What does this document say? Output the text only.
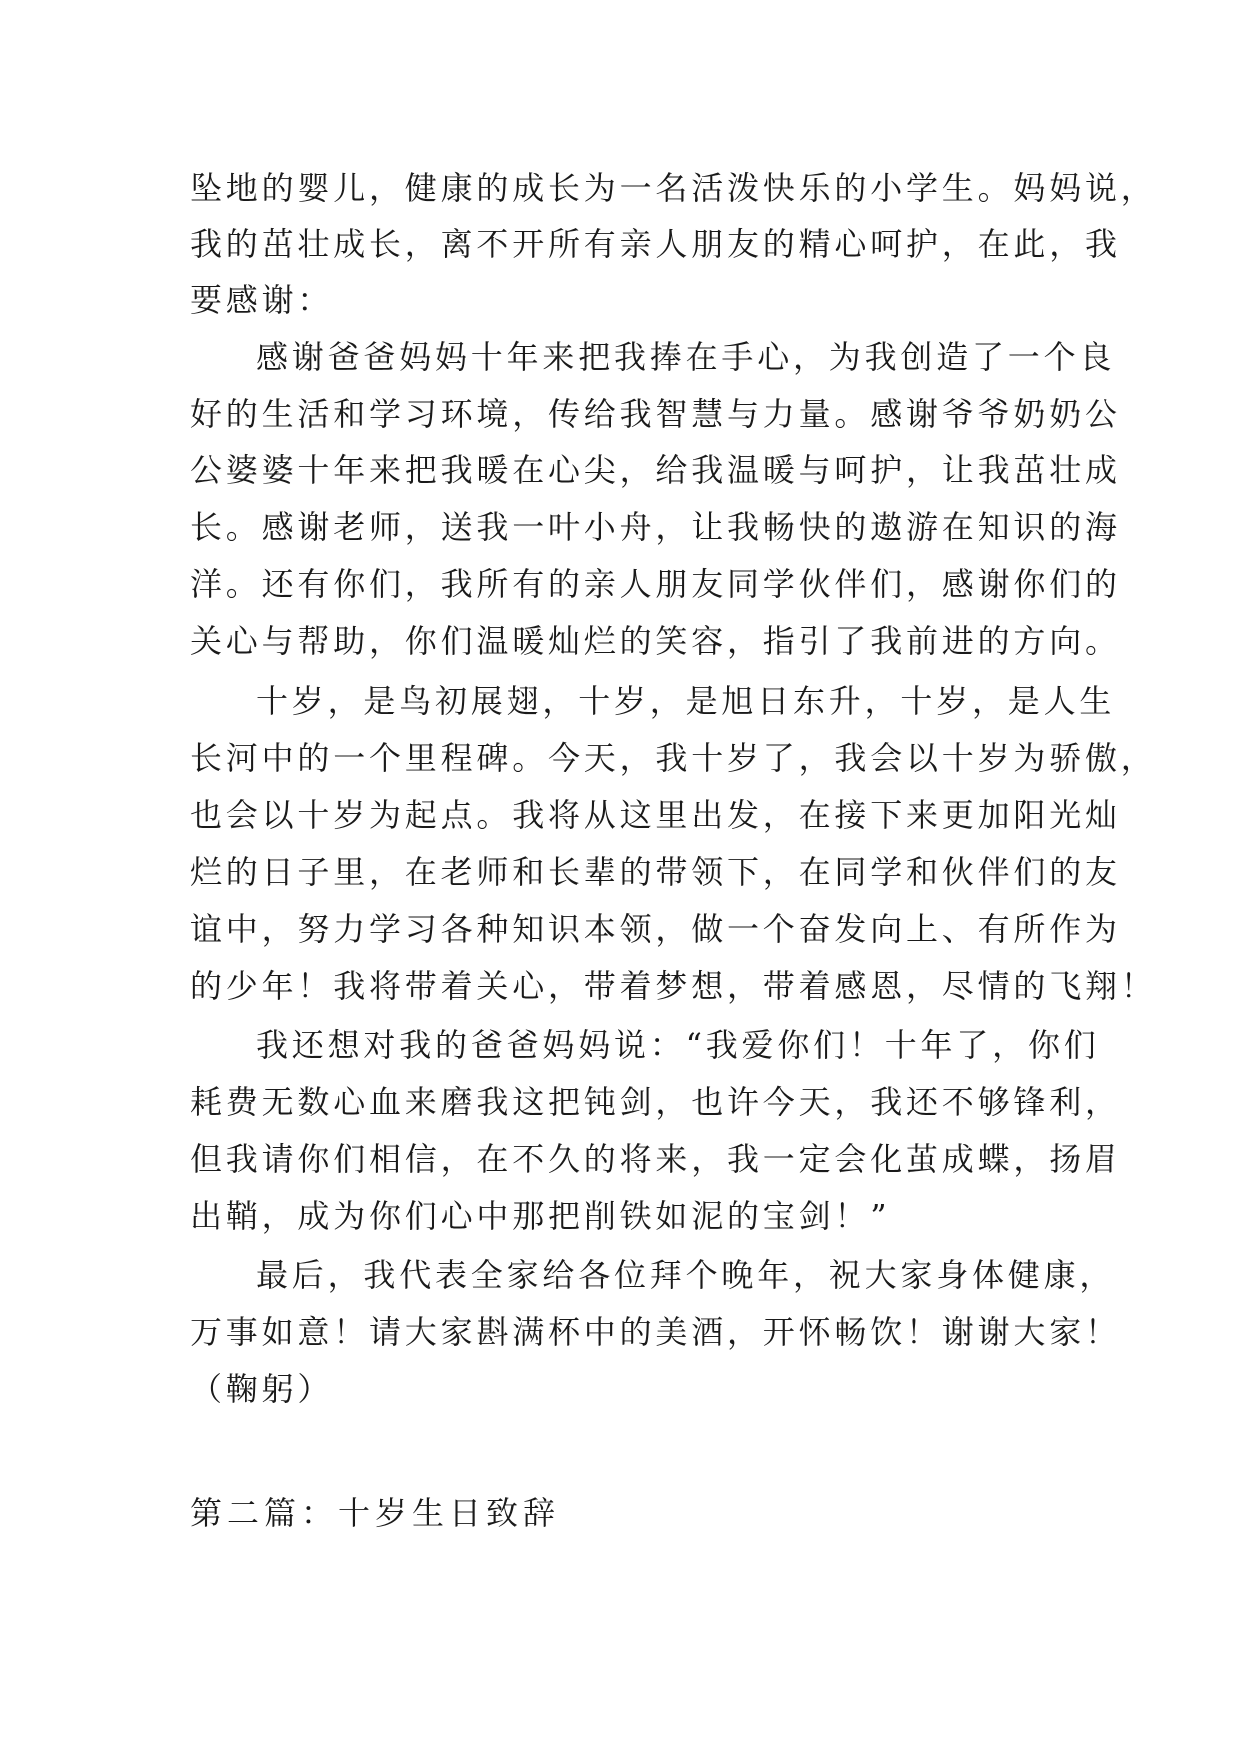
坠地的婴儿，健康的成长为一名活泼快乐的小学生。妈妈说，
我的茁壮成长，离不开所有亲人朋友的精心呵护，在此，我
要感谢：
感谢爸爸妈妈十年来把我捧在手心，为我创造了一个良
好的生活和学习环境，传给我智慧与力量。感谢爷爷奶奶公
公婆婆十年来把我暖在心尖，给我温暖与呵护，让我茁壮成
长。感谢老师，送我一叶小舟，让我畅快的遨游在知识的海
洋。还有你们，我所有的亲人朋友同学伙伴们，感谢你们的
关心与帮助，你们温暖灿烂的笑容，指引了我前进的方向。
十岁，是鸟初展翅，十岁，是旭日东升，十岁，是人生
长河中的一个里程碑。今天，我十岁了，我会以十岁为骄傲，
也会以十岁为起点。我将从这里出发，在接下来更加阳光灿
烂的日子里，在老师和长辈的带领下，在同学和伙伴们的友
谊中，努力学习各种知识本领，做一个奋发向上、有所作为
的少年！我将带着关心，带着梦想，带着感恩，尽情的飞翔！
我还想对我的爸爸妈妈说：“我爱你们！十年了，你们
耗费无数心血来磨我这把钝剑，也许今天，我还不够锋利，
但我请你们相信，在不久的将来，我一定会化茧成蝶，扬眉
出鞘，成为你们心中那把削铁如泥的宝剑！”
最后，我代表全家给各位拜个晚年，祝大家身体健康，
万事如意！请大家斟满杯中的美酒，开怀畅饮！谢谢大家！
（鞠躬）
第二篇：十岁生日致辞
